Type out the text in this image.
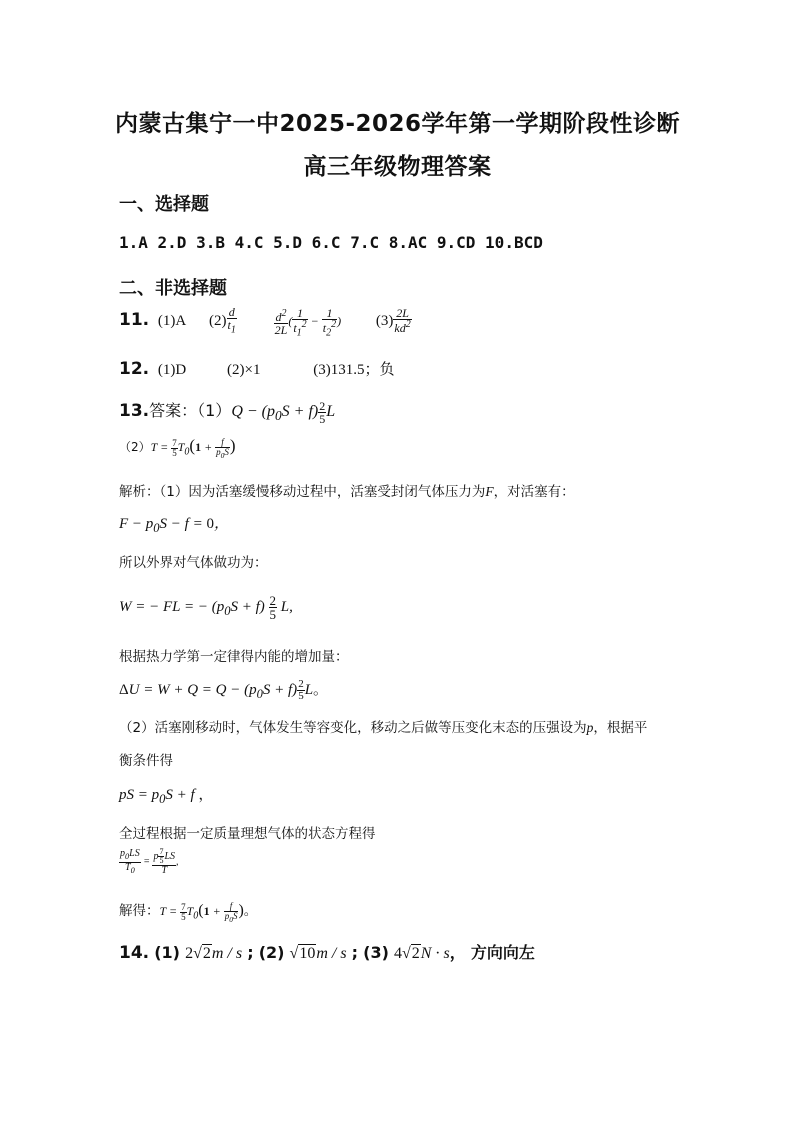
内蒙古集宁一中2025-2026学年第一学期阶段性诊断
高三年级物理答案
一、选择题
1.A 2.D 3.B 4.C 5.D 6.C 7.C 8.AC 9.CD 10.BCD
二、非选择题
11. (1)A $(2) \frac{d}{t_1}$
	$\frac{d^2}{2L}$ ( $\frac{1}{t_1^2} - \frac{1}{t_2^2}$ ) $(3) \frac{2L}{kd^2}$
12. (1)D	(2)×1	(3)131.5；负
13.答案：$(1)Q - (p_0S + f) \frac{2}{5}$ L
$(2)T = \frac{7}{5} T_0(1 + \frac{f}{p_0S}$ )
解析：（1）因为活塞缓慢移动过程中，活塞受封闭气体压力为F，对活塞有：
$F - p_0S - f = 0$，
所以外界对气体做功为：
W = − FL = − $(p_0S + f) \frac{2}{5} L$,
根据热力学第一定律得内能的增加量：
$\Delta U = W + Q = Q - (p_0S + f) \frac{2}{5}$ L。
（2）活塞刚移动时，气体发生等容变化，移动之后做等压变化末态的压强设为p，根据平
衡条件得
pS = $p_0S + f$ ，
全过程根据一定质量理想气体的状态方程得
$\frac{p_0LS}{T_0} = \frac{p \frac{7}{5} LS}{T}$ ,
解得：$T = \frac{7}{5} T_0(1 + \frac{f}{p_0S}$ )。
14. (1) 2√2m / s ; (2) √10m / s ; (3) 4√2N · s， 方向向左
